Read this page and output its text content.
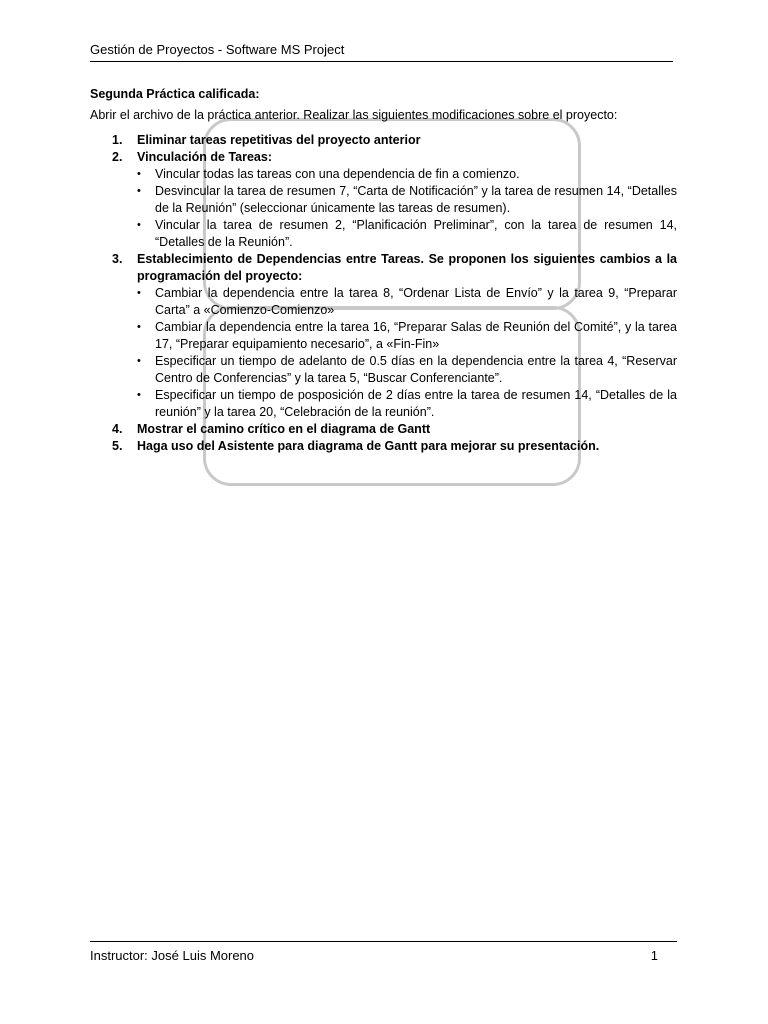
Gestión de Proyectos - Software MS Project
Segunda Práctica calificada:
Abrir el archivo de la práctica anterior. Realizar las siguientes modificaciones sobre el proyecto:
1. Eliminar tareas repetitivas del proyecto anterior
2. Vinculación de Tareas:
• Vincular todas las tareas con una dependencia de fin a comienzo.
• Desvincular la tarea de resumen 7, “Carta de Notificación” y la tarea de resumen 14, “Detalles de la Reunión” (seleccionar únicamente las tareas de resumen).
• Vincular la tarea de resumen 2, “Planificación Preliminar”, con la tarea de resumen 14, “Detalles de la Reunión”.
3. Establecimiento de Dependencias entre Tareas. Se proponen los siguientes cambios a la programación del proyecto:
• Cambiar la dependencia entre la tarea 8, “Ordenar Lista de Envío” y la tarea 9, “Preparar Carta” a «Comienzo-Comienzo»
• Cambiar la dependencia entre la tarea 16, “Preparar Salas de Reunión del Comité”, y la tarea 17, “Preparar equipamiento necesario”, a «Fin-Fin»
• Especificar un tiempo de adelanto de 0.5 días en la dependencia entre la tarea 4, “Reservar Centro de Conferencias” y la tarea 5, “Buscar Conferenciante”.
• Especificar un tiempo de posposición de 2 días entre la tarea de resumen 14, “Detalles de la reunión” y la tarea 20, “Celebración de la reunión”.
4. Mostrar el camino crítico en el diagrama de Gantt
5. Haga uso del Asistente para diagrama de Gantt para mejorar su presentación.
Instructor: José Luis Moreno	1
